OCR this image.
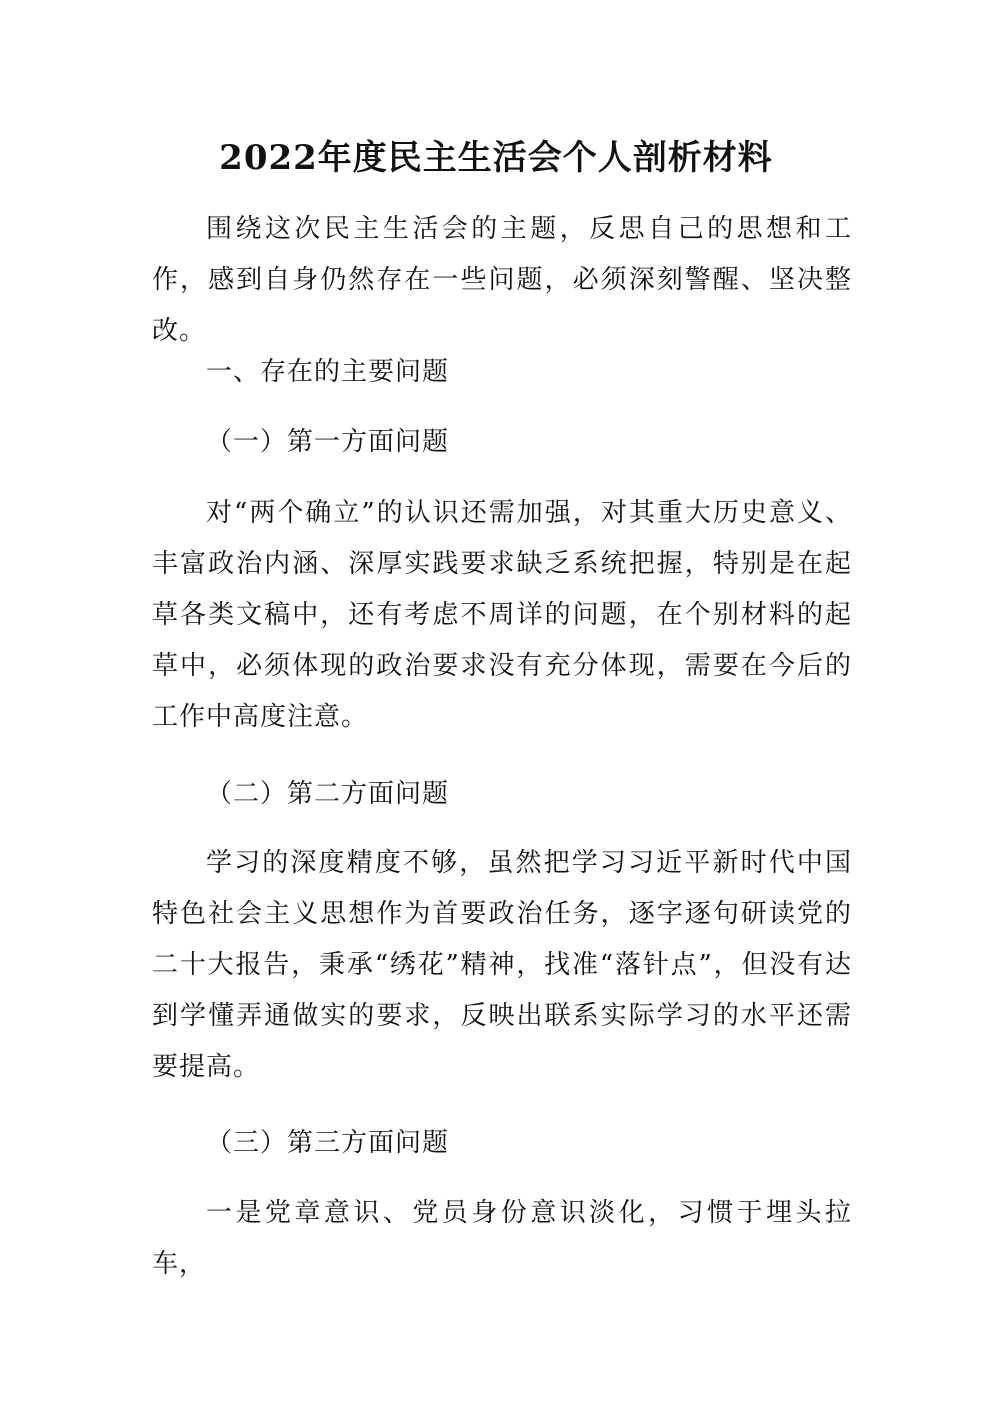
2022年度民主生活会个人剖析材料
围绕这次民主生活会的主题，反思自己的思想和工作，感到自身仍然存在一些问题，必须深刻警醒、坚决整改。
一、存在的主要问题
（一）第一方面问题
对“两个确立”的认识还需加强，对其重大历史意义、丰富政治内涵、深厚实践要求缺乏系统把握，特别是在起草各类文稿中，还有考虑不周详的问题，在个别材料的起草中，必须体现的政治要求没有充分体现，需要在今后的工作中高度注意。
（二）第二方面问题
学习的深度精度不够，虽然把学习习近平新时代中国特色社会主义思想作为首要政治任务，逐字逐句研读党的二十大报告，秉承“绣花”精神，找准“落针点”，但没有达到学懂弄通做实的要求，反映出联系实际学习的水平还需要提高。
（三）第三方面问题
一是党章意识、党员身份意识淡化，习惯于埋头拉车，
